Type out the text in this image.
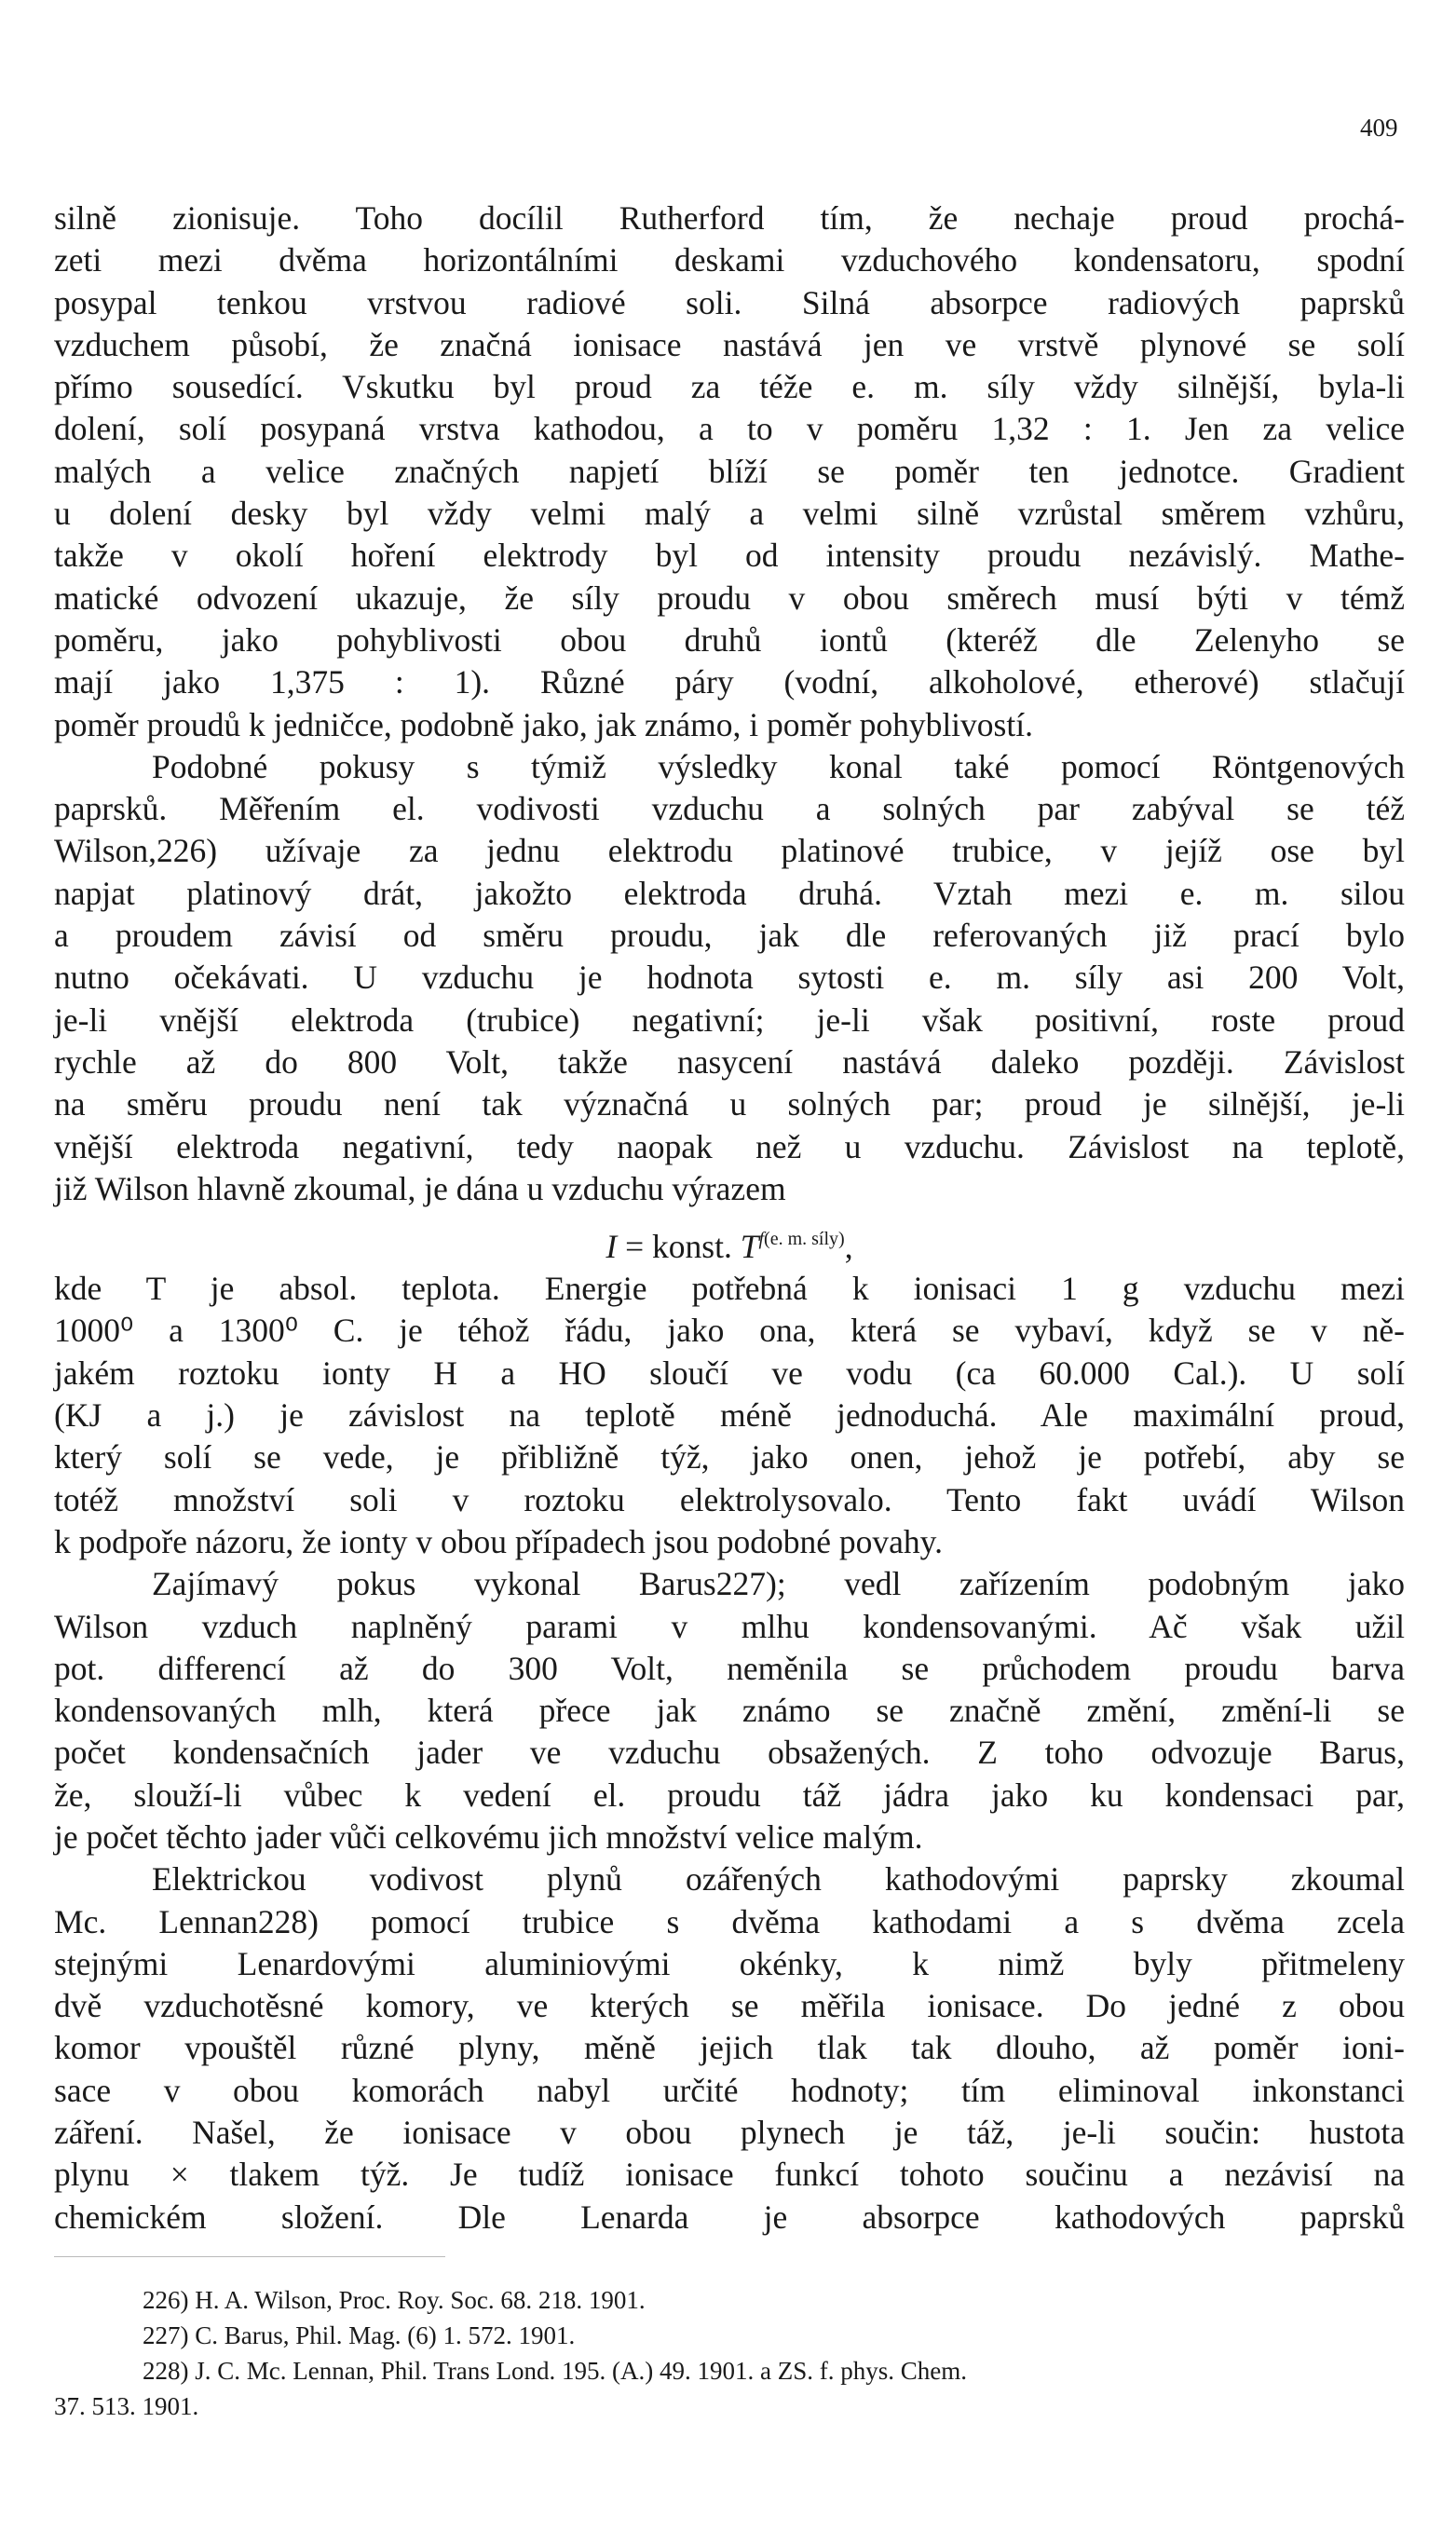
409
silně zionisuje. Toho docílil Rutherford tím, že nechaje proud prochá-
zeti mezi dvěma horizontálními deskami vzduchového kondensatoru, spodní
posypal tenkou vrstvou radiové soli. Silná absorpce radiových paprsků
vzduchem působí, že značná ionisace nastává jen ve vrstvě plynové se solí
přímo sousedící. Vskutku byl proud za téže e. m. síly vždy silnější, byla-li
dolení, solí posypaná vrstva kathodou, a to v poměru 1,32 : 1. Jen za velice
malých a velice značných napjetí blíží se poměr ten jednotce. Gradient
u dolení desky byl vždy velmi malý a velmi silně vzrůstal směrem vzhůru,
takže v okolí hoření elektrody byl od intensity proudu nezávislý. Mathe-
matické odvození ukazuje, že síly proudu v obou směrech musí býti v témž
poměru, jako pohyblivosti obou druhů iontů (kteréž dle Zelenyho se
mají jako 1,375 : 1). Různé páry (vodní, alkoholové, etherové) stlačují
poměr proudů k jedničce, podobně jako, jak známo, i poměr pohyblivostí.
Podobné pokusy s týmiž výsledky konal také pomocí Röntgenových
paprsků. Měřením el. vodivosti vzduchu a solných par zabýval se též
Wilson,226) užívaje za jednu elektrodu platinové trubice, v jejíž ose byl
napjat platinový drát, jakožto elektroda druhá. Vztah mezi e. m. silou
a proudem závisí od směru proudu, jak dle referovaných již prací bylo
nutno očekávati. U vzduchu je hodnota sytosti e. m. síly asi 200 Volt,
je-li vnější elektroda (trubice) negativní; je-li však positivní, roste proud
rychle až do 800 Volt, takže nasycení nastává daleko později. Závislost
na směru proudu není tak význačná u solných par; proud je silnější, je-li
vnější elektroda negativní, tedy naopak než u vzduchu. Závislost na teplotě,
již Wilson hlavně zkoumal, je dána u vzduchu výrazem
I = konst. $T^{f(e. m. síly)}$,
kde T je absol. teplota. Energie potřebná k ionisaci 1 g vzduchu mezi
1000⁰ a 1300⁰ C. je téhož řádu, jako ona, která se vybaví, když se v ně-
jakém roztoku ionty H a HO sloučí ve vodu (ca 60.000 Cal.). U solí
(KJ a j.) je závislost na teplotě méně jednoduchá. Ale maximální proud,
který solí se vede, je přibližně týž, jako onen, jehož je potřebí, aby se
totéž množství soli v roztoku elektrolysovalo. Tento fakt uvádí Wilson
k podpoře názoru, že ionty v obou případech jsou podobné povahy.
Zajímavý pokus vykonal Barus227); vedl zařízením podobným jako
Wilson vzduch naplněný parami v mlhu kondensovanými. Ač však užil
pot. differencí až do 300 Volt, neměnila se průchodem proudu barva
kondensovaných mlh, která přece jak známo se značně změní, změní-li se
počet kondensačních jader ve vzduchu obsažených. Z toho odvozuje Barus,
že, slouží-li vůbec k vedení el. proudu táž jádra jako ku kondensaci par,
je počet těchto jader vůči celkovému jich množství velice malým.
Elektrickou vodivost plynů ozářených kathodovými paprsky zkoumal
Mc. Lennan228) pomocí trubice s dvěma kathodami a s dvěma zcela
stejnými Lenardovými aluminiovými okénky, k nimž byly přitmeleny
dvě vzduchotěsné komory, ve kterých se měřila ionisace. Do jedné z obou
komor vpouštěl různé plyny, měně jejich tlak tak dlouho, až poměr ioni-
sace v obou komorách nabyl určité hodnoty; tím eliminoval inkonstanci
záření. Našel, že ionisace v obou plynech je táž, je-li součin: hustota
plynu × tlakem týž. Je tudíž ionisace funkcí tohoto součinu a nezávisí na
chemickém složení. Dle Lenarda je absorpce kathodových paprsků
226) H. A. Wilson, Proc. Roy. Soc. 68. 218. 1901.
227) C. Barus, Phil. Mag. (6) 1. 572. 1901.
228) J. C. Mc. Lennan, Phil. Trans Lond. 195. (A.) 49. 1901. a ZS. f. phys. Chem.
37. 513. 1901.
